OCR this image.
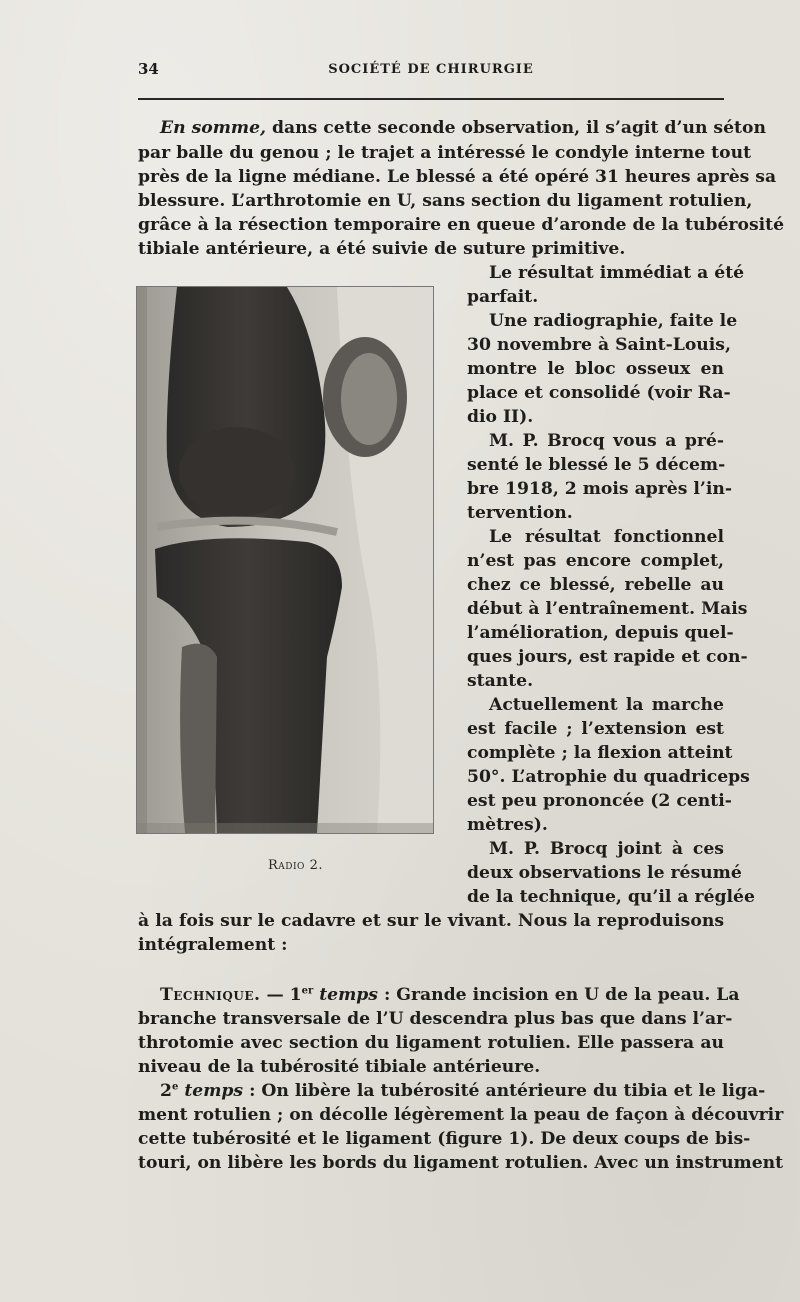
34	SOCIÉTÉ DE CHIRURGIE
En somme, dans cette seconde observation, il s’agit d’un séton
par balle du genou ; le trajet a intéressé le condyle interne tout
près de la ligne médiane. Le blessé a été opéré 31 heures après sa
blessure. L’arthrotomie en U, sans section du ligament rotulien,
grâce à la résection temporaire en queue d’aronde de la tubérosité
tibiale antérieure, a été suivie de suture primitive.
Le résultat immédiat a été
parfait.
Une radiographie, faite le
30 novembre à Saint-Louis,
montre le bloc osseux en
place et consolidé (voir Ra-
dio II).
M. P. Brocq vous a pré-
senté le blessé le 5 décem-
bre 1918, 2 mois après l’in-
tervention.
Le résultat fonctionnel
n’est pas encore complet,
chez ce blessé, rebelle au
début à l’entraînement. Mais
l’amélioration, depuis quel-
ques jours, est rapide et con-
stante.
Actuellement la marche
est facile ; l’extension est
complète ; la flexion atteint
50°. L’atrophie du quadriceps
est peu prononcée (2 centi-
mètres).
M. P. Brocq joint à ces
deux observations le résumé
de la technique, qu’il a réglée
Radio 2.
à la fois sur le cadavre et sur le vivant. Nous la reproduisons
intégralement :
Technique. — 1er temps : Grande incision en U de la peau. La
branche transversale de l’U descendra plus bas que dans l’ar-
throtomie avec section du ligament rotulien. Elle passera au
niveau de la tubérosité tibiale antérieure.
2e temps : On libère la tubérosité antérieure du tibia et le liga-
ment rotulien ; on décolle légèrement la peau de façon à découvrir
cette tubérosité et le ligament (figure 1). De deux coups de bis-
touri, on libère les bords du ligament rotulien. Avec un instrument
